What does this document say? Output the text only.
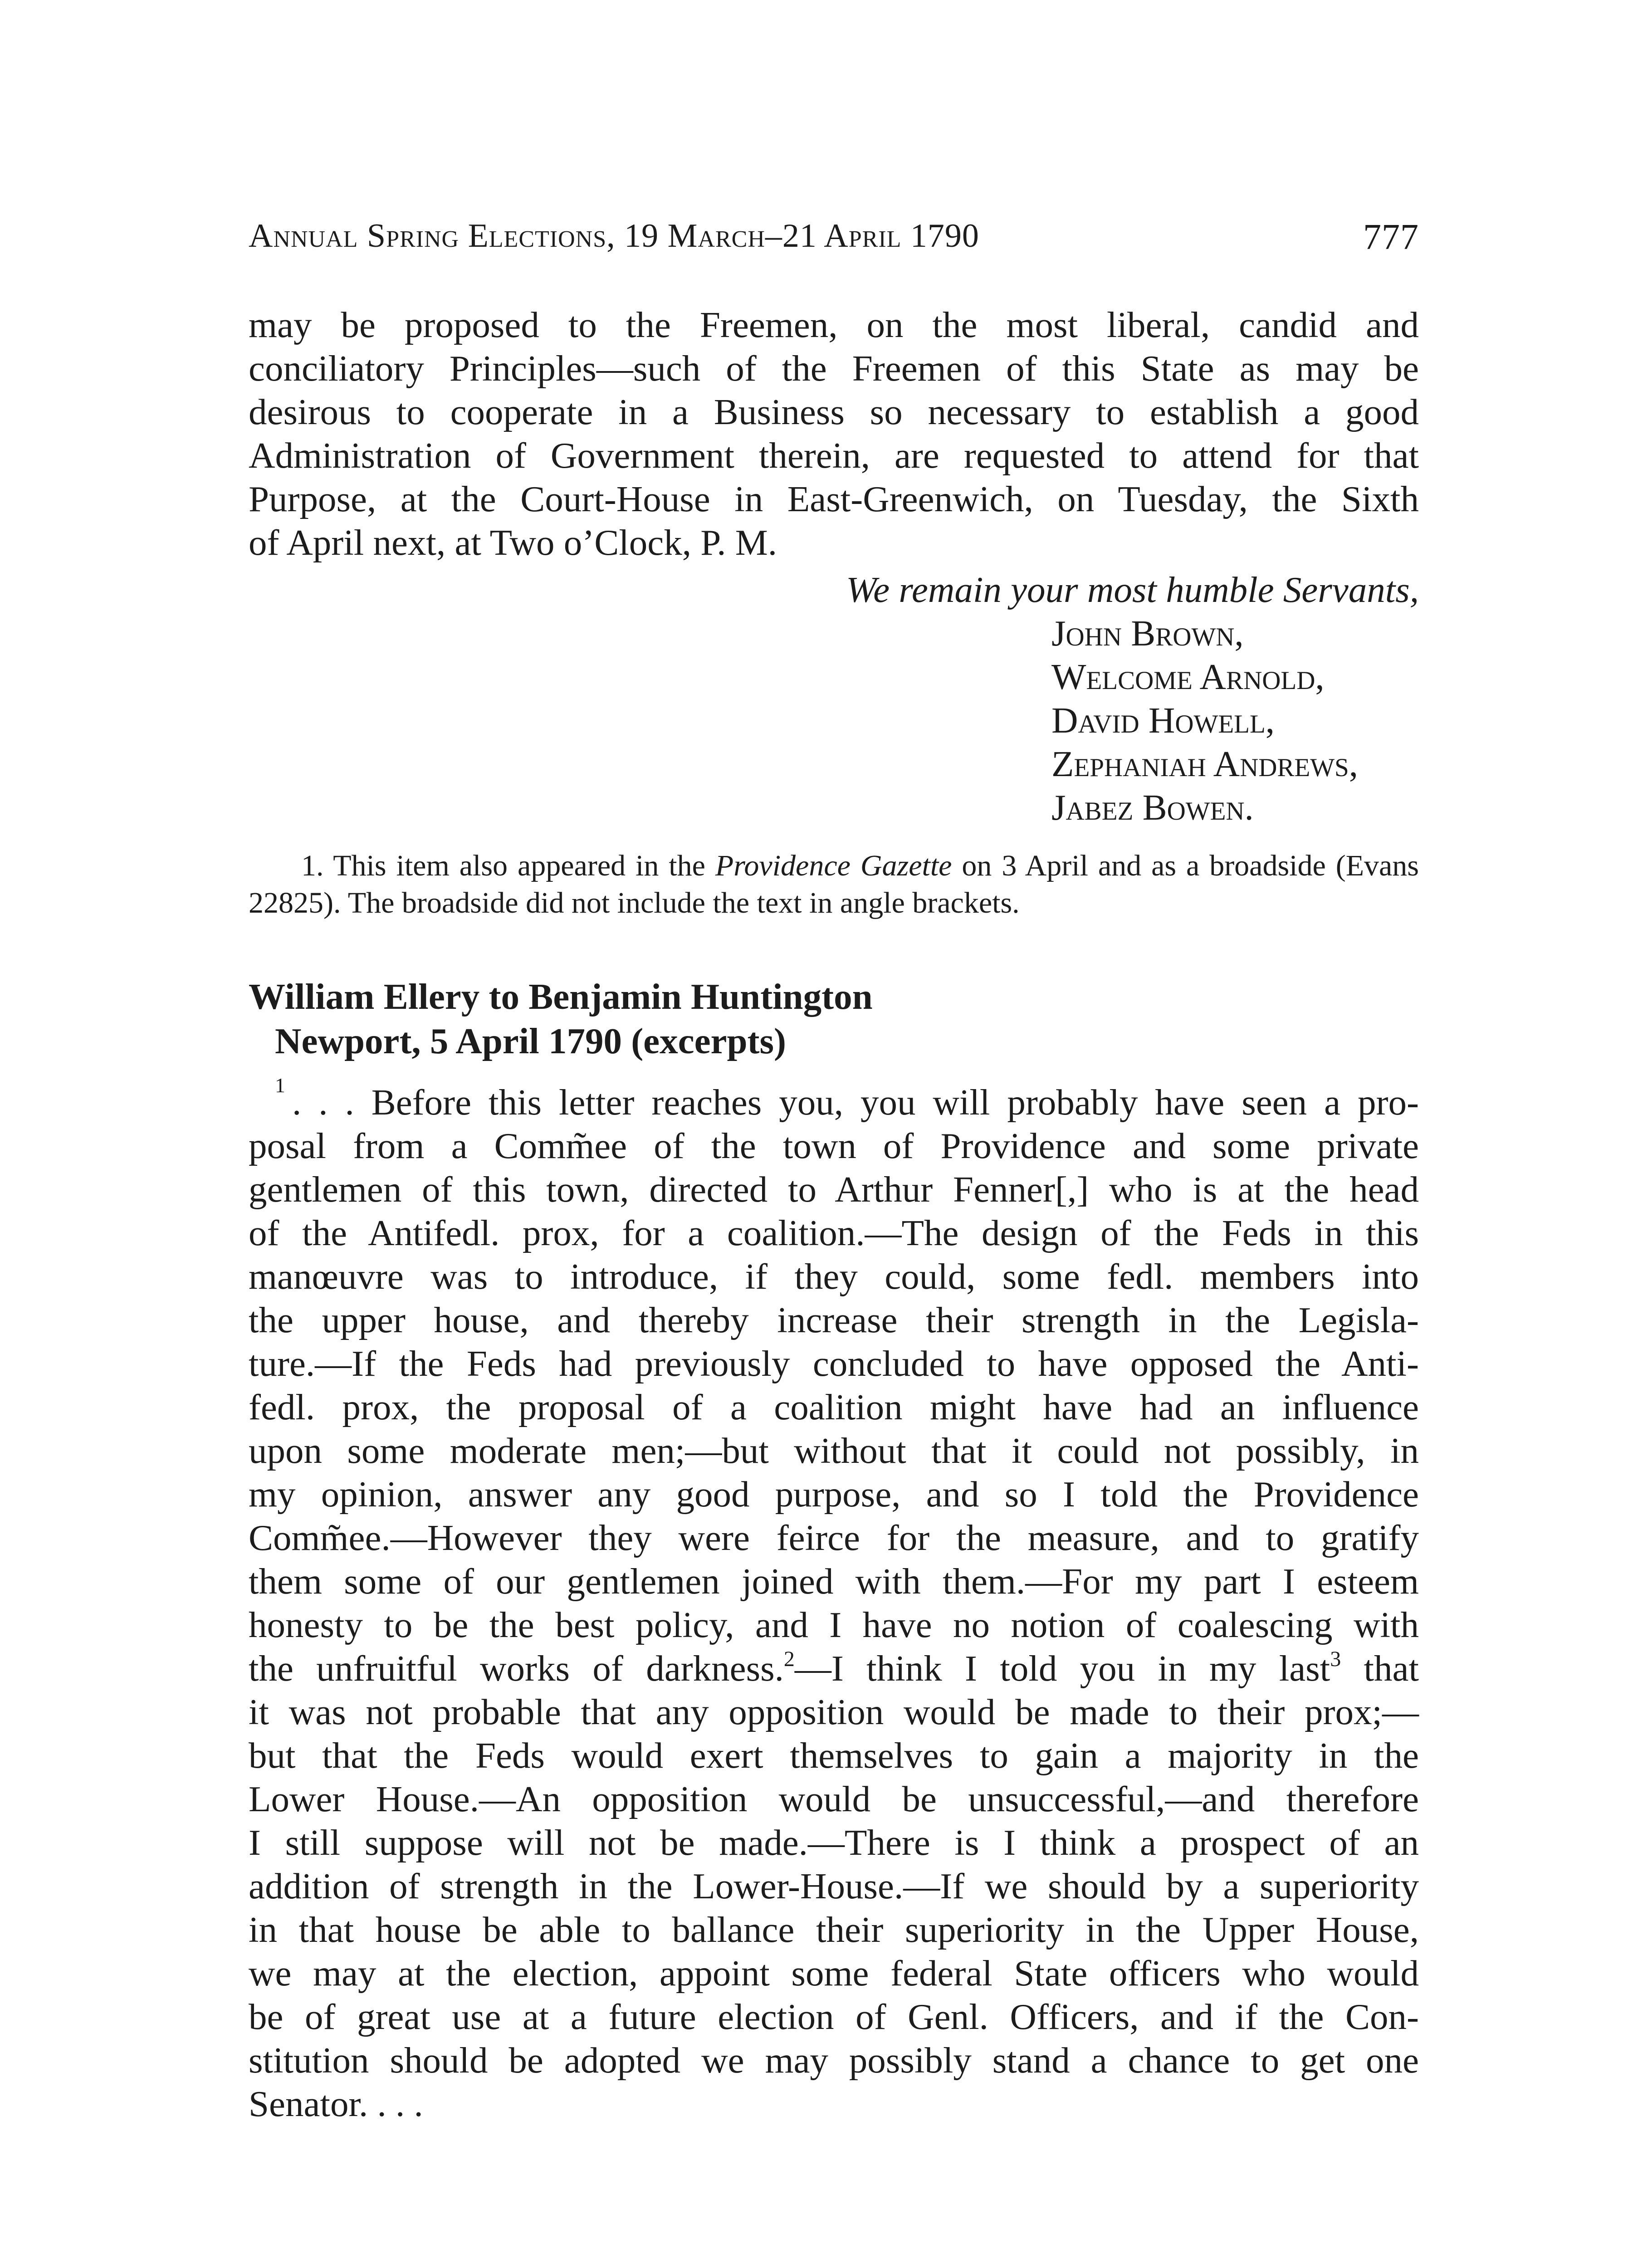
Annual Spring Elections, 19 March–21 April 1790	777
may be proposed to the Freemen, on the most liberal, candid and
conciliatory Principles—such of the Freemen of this State as may be
desirous to cooperate in a Business so necessary to establish a good
Administration of Government therein, are requested to attend for that
Purpose, at the Court-House in East-Greenwich, on Tuesday, the Sixth
of April next, at Two o’Clock, P. M.
We remain your most humble Servants,
John Brown,
Welcome Arnold,
David Howell,
Zephaniah Andrews,
Jabez Bowen.
1. This item also appeared in the Providence Gazette on 3 April and as a broadside (Evans
22825). The broadside did not include the text in angle brackets.
William Ellery to Benjamin Huntington
Newport, 5 April 1790 (excerpts)
$^1$ . . . Before this letter reaches you, you will probably have seen a pro-
posal from a Comm̃ee of the town of Providence and some private
gentlemen of this town, directed to Arthur Fenner[,] who is at the head
of the Antifedl. prox, for a coalition.—The design of the Feds in this
manœuvre was to introduce, if they could, some fedl. members into
the upper house, and thereby increase their strength in the Legisla-
ture.—If the Feds had previously concluded to have opposed the Anti-
fedl. prox, the proposal of a coalition might have had an influence
upon some moderate men;—but without that it could not possibly, in
my opinion, answer any good purpose, and so I told the Providence
Comm̃ee.—However they were feirce for the measure, and to gratify
them some of our gentlemen joined with them.—For my part I esteem
honesty to be the best policy, and I have no notion of coalescing with
the unfruitful works of darkness.$^2$—I think I told you in my last$^3$ that
it was not probable that any opposition would be made to their prox;—
but that the Feds would exert themselves to gain a majority in the
Lower House.—An opposition would be unsuccessful,—and therefore
I still suppose will not be made.—There is I think a prospect of an
addition of strength in the Lower-House.—If we should by a superiority
in that house be able to ballance their superiority in the Upper House,
we may at the election, appoint some federal State officers who would
be of great use at a future election of Genl. Officers, and if the Con-
stitution should be adopted we may possibly stand a chance to get one
Senator. . . .
